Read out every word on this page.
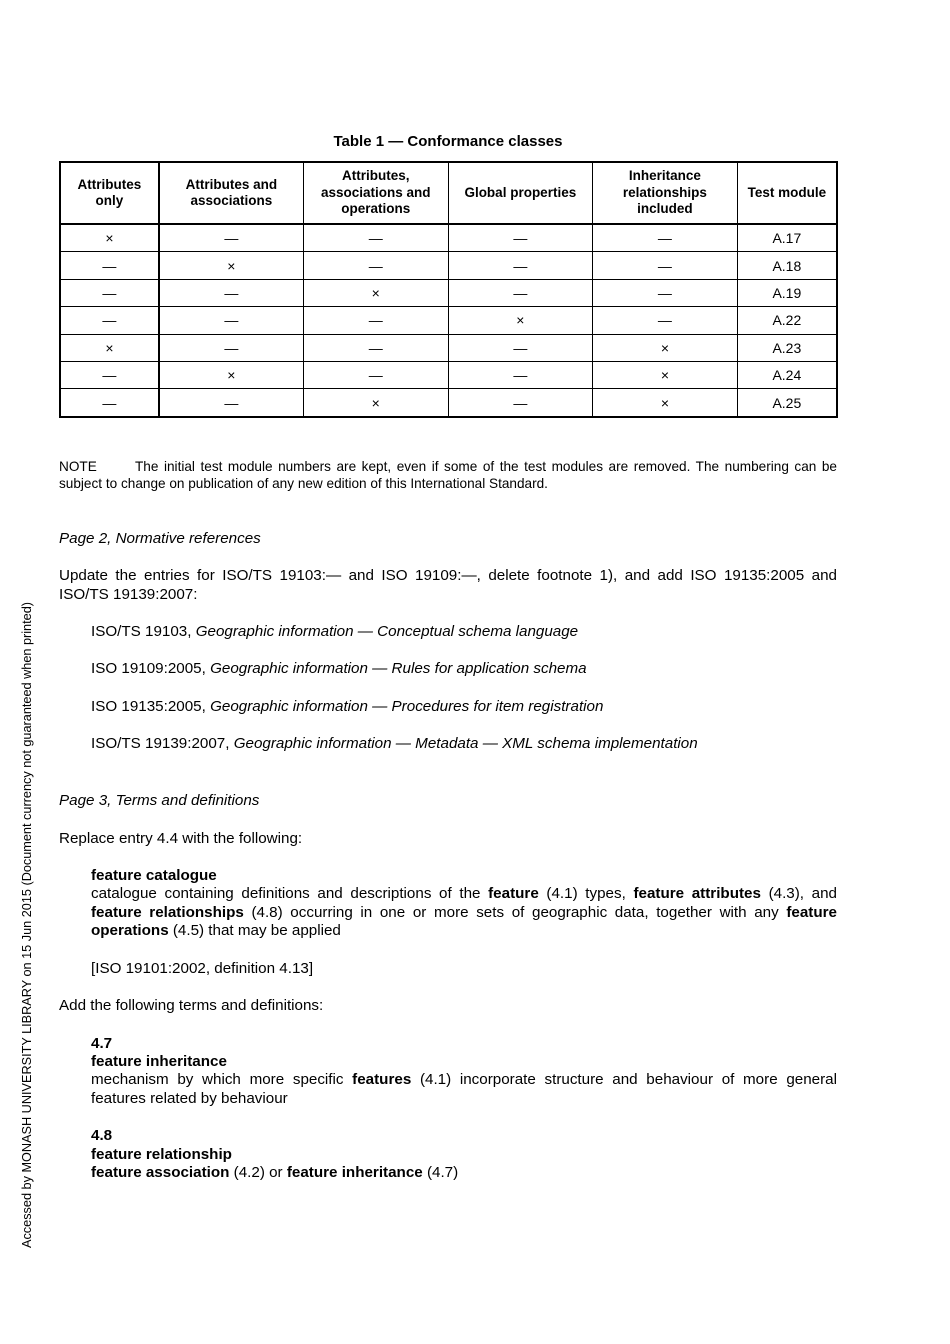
Table 1 — Conformance classes
Attributes only	Attributes and associations	Attributes, associations and operations	Global properties	Inheritance relationships included	Test module
×	—	—	—	—	A.17
—	×	—	—	—	A.18
—	—	×	—	—	A.19
—	—	—	×	—	A.22
×	—	—	—	×	A.23
—	×	—	—	×	A.24
—	—	×	—	×	A.25
NOTE	The initial test module numbers are kept, even if some of the test modules are removed. The numbering can be subject to change on publication of any new edition of this International Standard.
Page 2, Normative references
Update the entries for ISO/TS 19103:— and ISO 19109:—, delete footnote 1), and add ISO 19135:2005 and ISO/TS 19139:2007:
ISO/TS 19103, Geographic information — Conceptual schema language
ISO 19109:2005, Geographic information — Rules for application schema
ISO 19135:2005, Geographic information — Procedures for item registration
ISO/TS 19139:2007, Geographic information — Metadata — XML schema implementation
Page 3, Terms and definitions
Replace entry 4.4 with the following:
feature catalogue
catalogue containing definitions and descriptions of the feature (4.1) types, feature attributes (4.3), and feature relationships (4.8) occurring in one or more sets of geographic data, together with any feature operations (4.5) that may be applied
[ISO 19101:2002, definition 4.13]
Add the following terms and definitions:
4.7
feature inheritance
mechanism by which more specific features (4.1) incorporate structure and behaviour of more general features related by behaviour
4.8
feature relationship
feature association (4.2) or feature inheritance (4.7)
Accessed by MONASH UNIVERSITY LIBRARY on 15 Jun 2015 (Document currency not guaranteed when printed)
